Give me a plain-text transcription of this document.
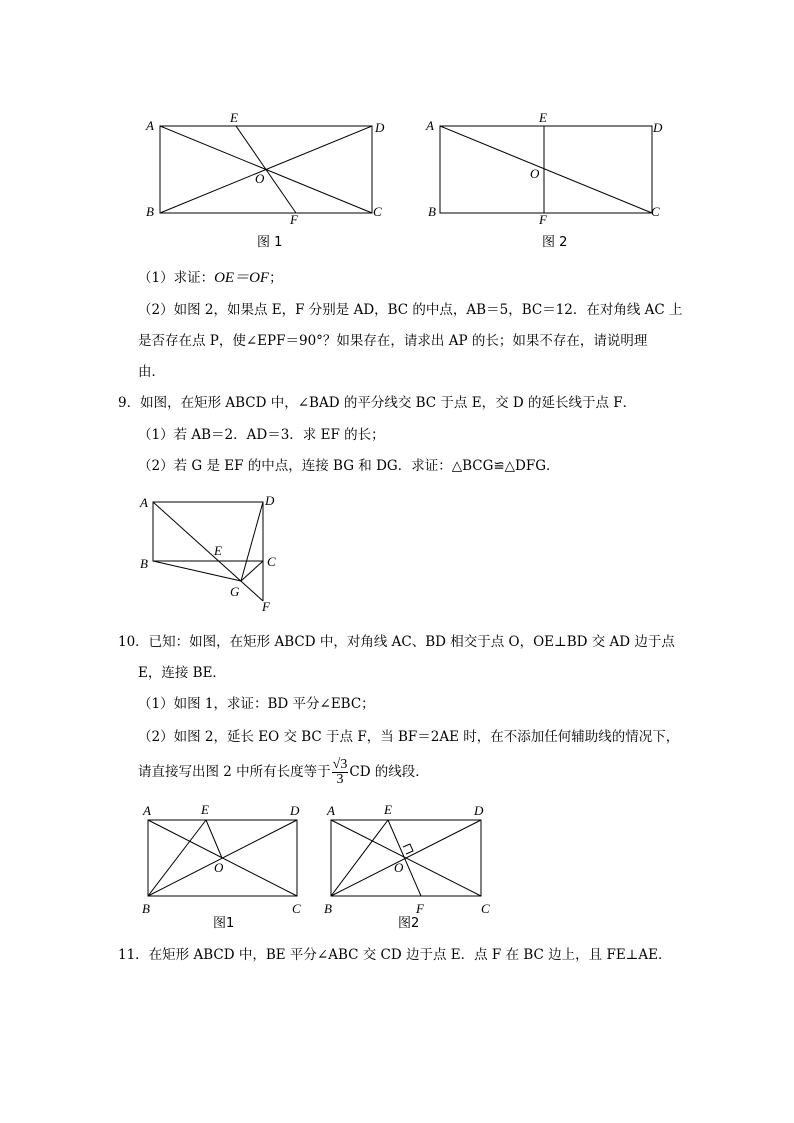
A
B	C
D
E
F
O
图 1
A
B	C
D
E
F
O
图 2
（1）求证：OE＝OF；
（2）如图 2，如果点 E，F 分别是 AD，BC 的中点，AB＝5，BC＝12．在对角线 AC 上
是否存在点 P，使∠EPF＝90°？如果存在，请求出 AP 的长；如果不存在，请说明理
由．
9．如图，在矩形 ABCD 中，∠BAD 的平分线交 BC 于点 E，交 D 的延长线于点 F．
（1）若 AB＝2．AD＝3．求 EF 的长；
（2）若 G 是 EF 的中点，连接 BG 和 DG．求证：△BCG≌△DFG．
A
B	C
D
E
F
G
10．已知：如图，在矩形 ABCD 中，对角线 AC、BD 相交于点 O，OE⊥BD 交 AD 边于点
E，连接 BE．
（1）如图 1，求证：BD 平分∠EBC；
（2）如图 2，延长 EO 交 BC 于点 F，当 BF＝2AE 时，在不添加任何辅助线的情况下，
请直接写出图 2 中所有长度等于 $\frac{√3}{3}$ CD 的线段．
A
B	C
D
E
O
图1
A
B	C
D
E
F
O
图2
11．在矩形 ABCD 中，BE 平分∠ABC 交 CD 边于点 E．点 F 在 BC 边上，且 FE⊥AE．
